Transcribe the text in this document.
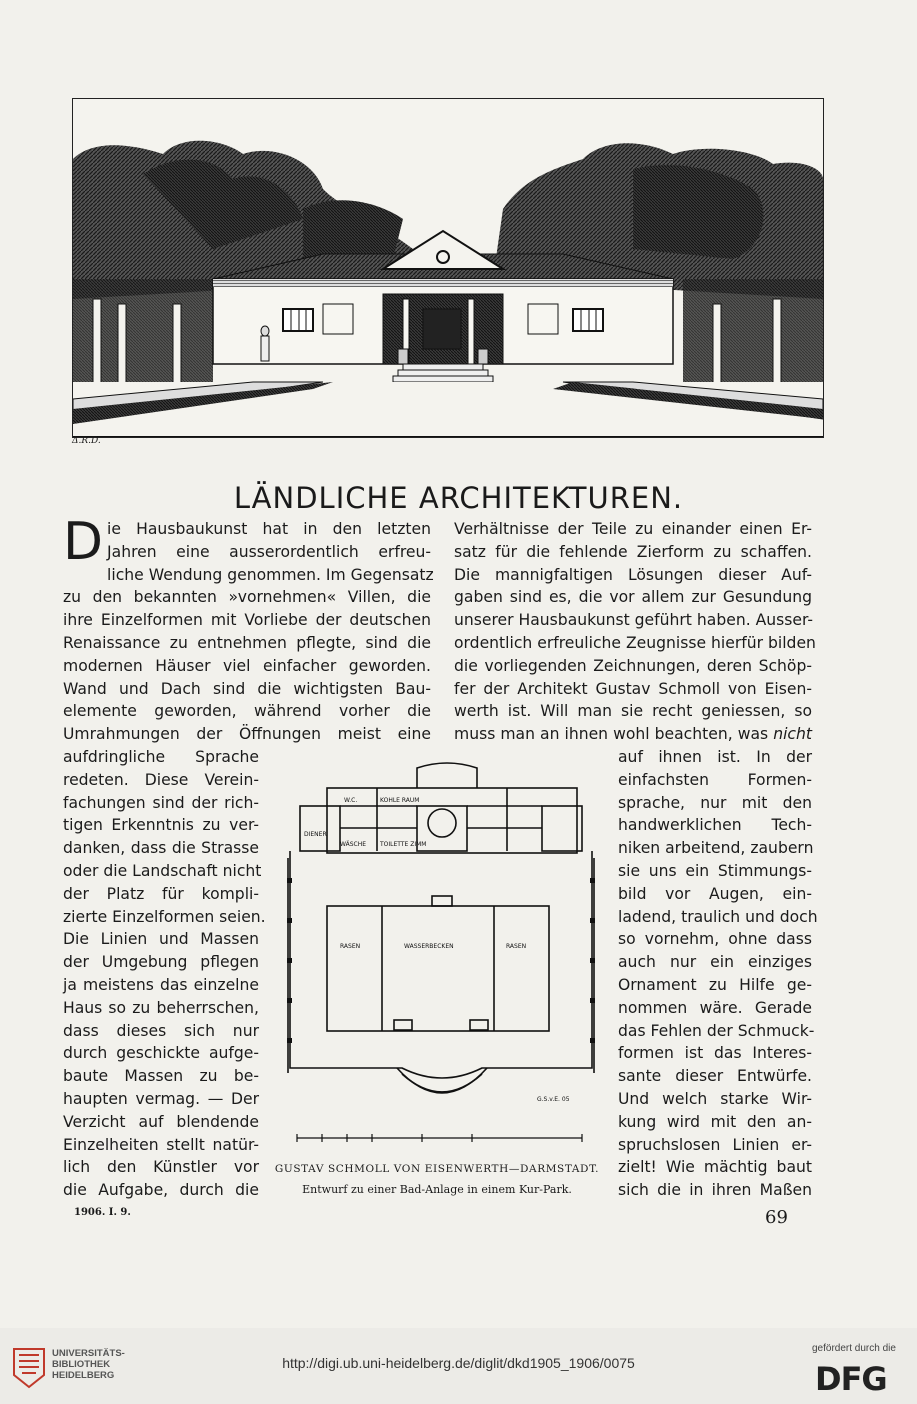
Δ.R.D.
LÄNDLICHE ARCHITEKTUREN.
D ie Hausbaukunst hat in den letzten
Jahren eine ausserordentlich erfreu-
liche Wendung genommen. Im Gegensatz
zu den bekannten »vornehmen« Villen, die
ihre Einzelformen mit Vorliebe der deutschen
Renaissance zu entnehmen pflegte, sind die
modernen Häuser viel einfacher geworden.
Wand und Dach sind die wichtigsten Bau-
elemente geworden, während vorher die
Umrahmungen der Öffnungen meist eine
aufdringliche Sprache
redeten. Diese Verein-
fachungen sind der rich-
tigen Erkenntnis zu ver-
danken, dass die Strasse
oder die Landschaft nicht
der Platz für kompli-
zierte Einzelformen seien.
Die Linien und Massen
der Umgebung pflegen
ja meistens das einzelne
Haus so zu beherrschen,
dass dieses sich nur
durch geschickte aufge-
baute Massen zu be-
haupten vermag. — Der
Verzicht auf blendende
Einzelheiten stellt natür-
lich den Künstler vor
die Aufgabe, durch die
Verhältnisse der Teile zu einander einen Er-
satz für die fehlende Zierform zu schaffen.
Die mannigfaltigen Lösungen dieser Auf-
gaben sind es, die vor allem zur Gesundung
unserer Hausbaukunst geführt haben. Ausser-
ordentlich erfreuliche Zeugnisse hierfür bilden
die vorliegenden Zeichnungen, deren Schöp-
fer der Architekt Gustav Schmoll von Eisen-
werth ist. Will man sie recht geniessen, so
muss man an ihnen wohl beachten, was nicht
auf ihnen ist. In der
einfachsten Formen-
sprache, nur mit den
handwerklichen Tech-
niken arbeitend, zaubern
sie uns ein Stimmungs-
bild vor Augen, ein-
ladend, traulich und doch
so vornehm, ohne dass
auch nur ein einziges
Ornament zu Hilfe ge-
nommen wäre. Gerade
das Fehlen der Schmuck-
formen ist das Interes-
sante dieser Entwürfe.
Und welch starke Wir-
kung wird mit den an-
spruchslosen Linien er-
zielt! Wie mächtig baut
sich die in ihren Maßen
W.C.	KOHLE RAUM
DIENER
TOILETTE ZIMM
WÄSCHE
RASEN	WASSERBECKEN	RASEN
G.S.v.E. 05
GUSTAV SCHMOLL VON EISENWERTH—DARMSTADT.
Entwurf zu einer Bad-Anlage in einem Kur-Park.
1906. I. 9.	69
UNIVERSITÄTS-
BIBLIOTHEK
HEIDELBERG
http://digi.ub.uni-heidelberg.de/diglit/dkd1905_1906/0075
gefördert durch die
DFG
